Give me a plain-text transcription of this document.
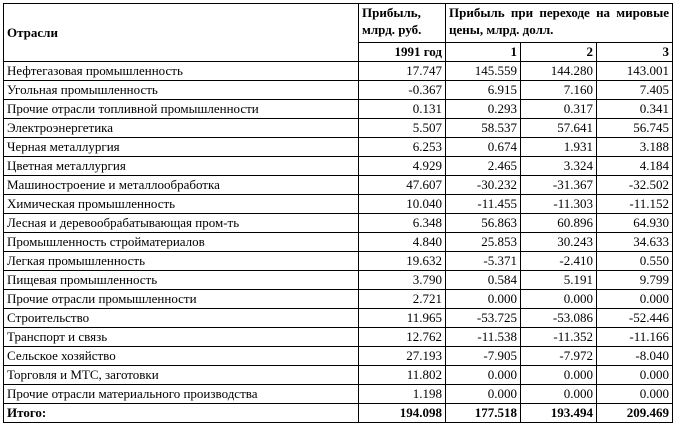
Отрасли	Прибыль, млрд. руб.	Прибыль при переходе на мировые цены, млрд. долл.		
	1991 год	1	2	3
Нефтегазовая промышленность	17.747	145.559	144.280	143.001
Угольная промышленность	-0.367	6.915	7.160	7.405
Прочие отрасли топливной промышленности	0.131	0.293	0.317	0.341
Электроэнергетика	5.507	58.537	57.641	56.745
Черная металлургия	6.253	0.674	1.931	3.188
Цветная металлургия	4.929	2.465	3.324	4.184
Машиностроение и металлообработка	47.607	-30.232	-31.367	-32.502
Химическая промышленность	10.040	-11.455	-11.303	-11.152
Лесная и деревообрабатывающая пром-ть	6.348	56.863	60.896	64.930
Промышленность стройматериалов	4.840	25.853	30.243	34.633
Легкая промышленность	19.632	-5.371	-2.410	0.550
Пищевая промышленность	3.790	0.584	5.191	9.799
Прочие отрасли промышленности	2.721	0.000	0.000	0.000
Строительство	11.965	-53.725	-53.086	-52.446
Транспорт и связь	12.762	-11.538	-11.352	-11.166
Сельское хозяйство	27.193	-7.905	-7.972	-8.040
Торговля и МТС, заготовки	11.802	0.000	0.000	0.000
Прочие отрасли материального производства	1.198	0.000	0.000	0.000
Итого:	194.098	177.518	193.494	209.469
